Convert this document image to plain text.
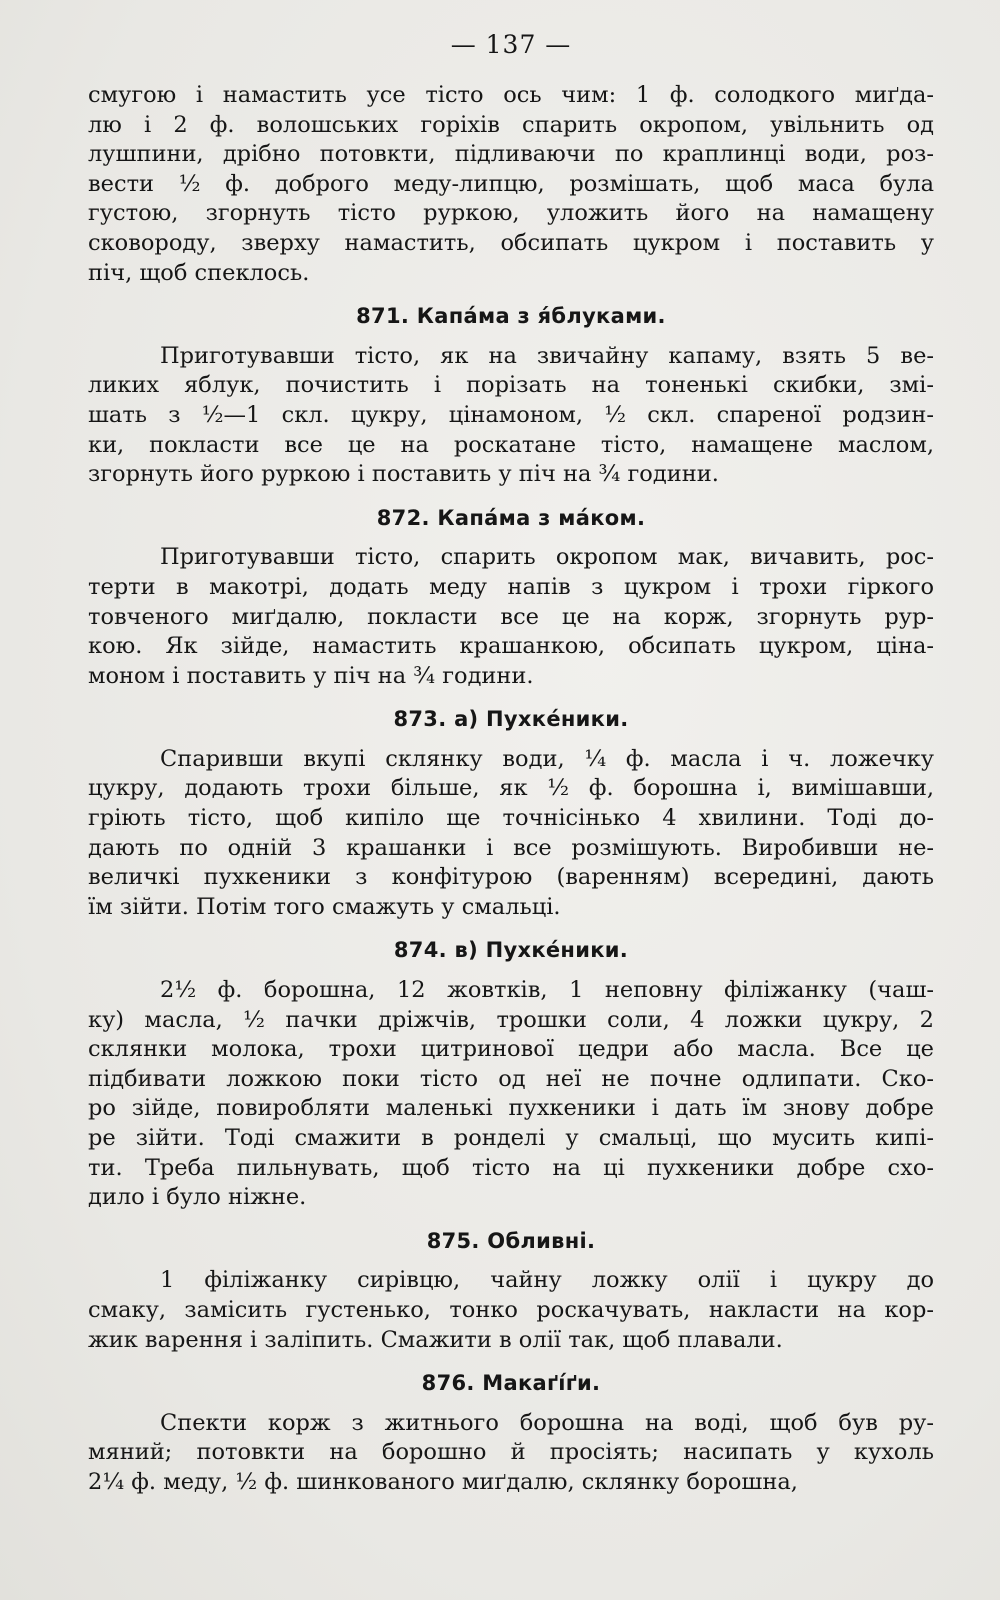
— 137 —

смугою і намастить усе тісто ось чим: 1 ф. солодкого миґда-
лю і 2 ф. волошських горіхів спарить окропом, увільнить од
лушпини, дрібно потовкти, підливаючи по краплинці води, роз-
вести ½ ф. доброго меду-липцю, розмішать, щоб маса була
густою, згорнуть тісто руркою, уложить його на намащену
сковороду, зверху намастить, обсипать цукром і поставить у
піч, щоб спеклось.

871. Капáма з я́блуками.

Приготувавши тісто, як на звичайну капаму, взять 5 ве-
ликих яблук, почистить і порізать на тоненькі скибки, змі-
шать з ½—1 скл. цукру, цінамоном, ½ скл. спареної родзин-
ки, покласти все це на роскатане тісто, намащене маслом,
згорнуть його руркою і поставить у піч на ¾ години.

872. Капáма з мáком.

Приготувавши тісто, спарить окропом мак, вичавить, рос-
терти в макотрі, додать меду напів з цукром і трохи гіркого
товченого миґдалю, покласти все це на корж, згорнуть рур-
кою. Як зійде, намастить крашанкою, обсипать цукром, ціна-
моном і поставить у піч на ¾ години.

873. а) Пухкéники.

Спаривши вкупі склянку води, ¼ ф. масла і ч. ложечку
цукру, додають трохи більше, як ½ ф. борошна і, вимішавши,
гріють тісто, щоб кипіло ще точнісінько 4 хвилини. Тоді до-
дають по одній 3 крашанки і все розмішують. Виробивши не-
величкі пухкеники з конфітурою (варенням) всередині, дають
їм зійти. Потім того смажуть у смальці.

874. в) Пухкéники.

2½ ф. борошна, 12 жовтків, 1 неповну філіжанку (чаш-
ку) масла, ½ пачки дріжчів, трошки соли, 4 ложки цукру, 2
склянки молока, трохи цитринової цедри або масла. Все це
підбивати ложкою поки тісто од неї не почне одлипати. Ско-
ро зійде, повиробляти маленькі пухкеники і дать їм знову добре
ре зійти. Тоді смажити в ронделі у смальці, що мусить кипі-
ти. Треба пильнувать, щоб тісто на ці пухкеники добре схо-
дило і було ніжне.

875. Обливні.

1 філіжанку сирівцю, чайну ложку олії і цукру до
смаку, замісить густенько, тонко роскачувать, накласти на кор-
жик варення і заліпить. Смажити в олії так, щоб плавали.

876. Макаґíґи.

Спекти корж з житнього борошна на воді, щоб був ру-
мяний; потовкти на борошно й просіять; насипать у кухоль
2¼ ф. меду, ½ ф. шинкованого миґдалю, склянку борошна,
